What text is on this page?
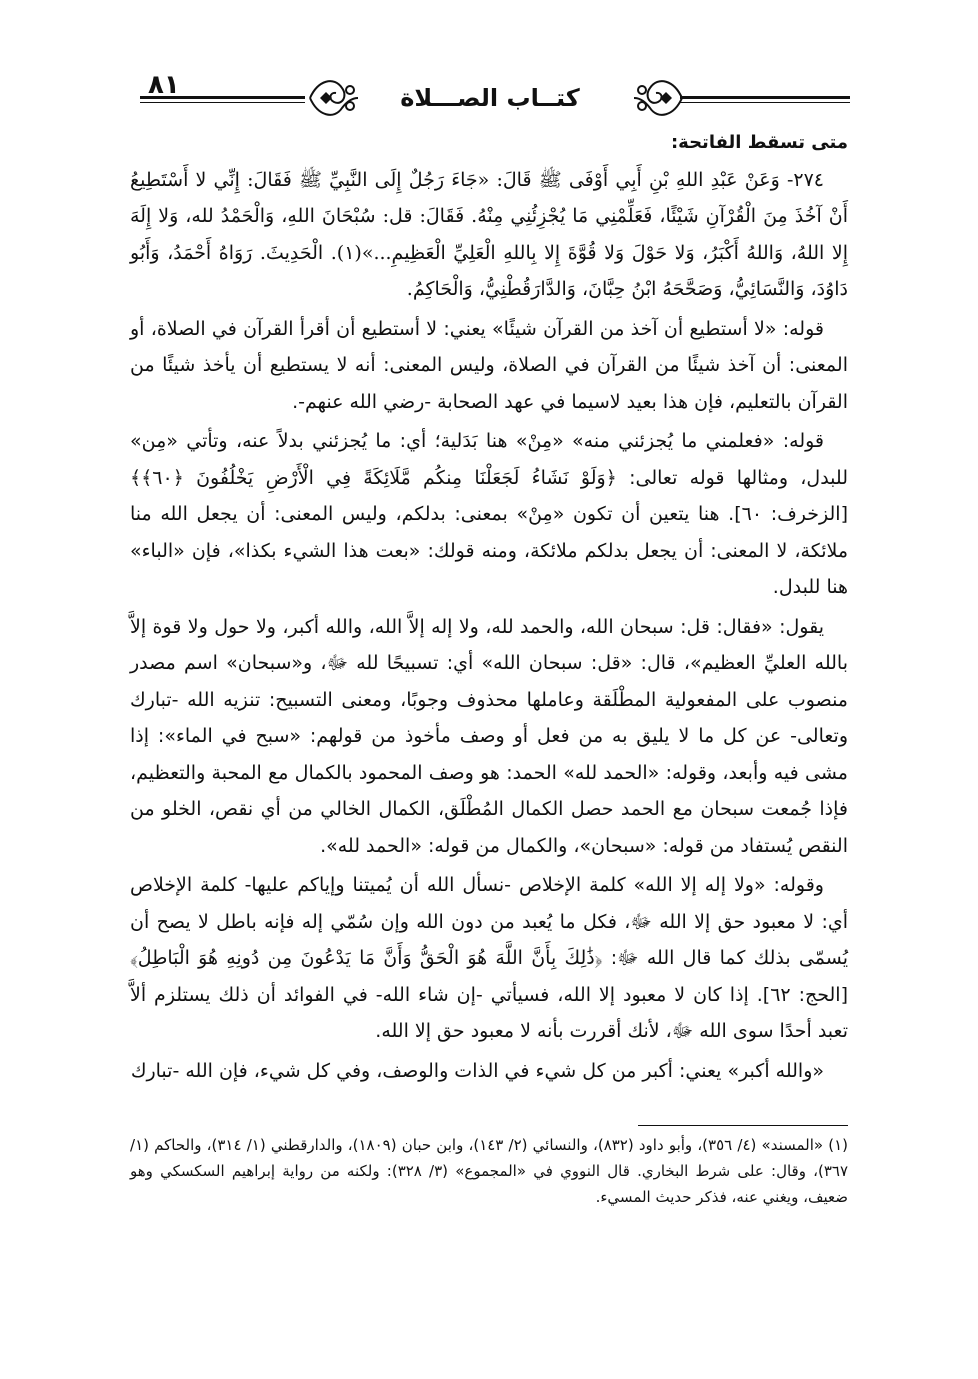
٨١	كتــاب الصـــلاة

متى تسقط الفاتحة:

٢٧٤- وَعَنْ عَبْدِ اللهِ بْنِ أَبِي أَوْفَى ﷺ قَالَ: «جَاءَ رَجُلٌ إِلَى النَّبِيِّ ﷺ فَقَالَ: إِنِّي لا أَسْتَطِيعُ أَنْ آخُذَ مِنَ الْقُرْآنِ شَيْئًا، فَعَلِّمْنِي مَا يُجْزِئُنِي مِنْهُ. فَقَالَ: قل: سُبْحَانَ اللهِ، وَالْحَمْدُ لله، وَلا إِلَهَ إِلا اللهُ، وَاللهُ أَكْبَرُ، وَلا حَوْلَ وَلا قُوَّةَ إِلا بِاللهِ الْعَلِيِّ الْعَظِيمِ...»(١). الْحَدِيثَ. رَوَاهُ أَحْمَدُ، وَأَبُو دَاوُدَ، وَالنَّسَائِيُّ، وَصَحَّحَهُ ابْنُ حِبَّانَ، وَالدَّارَقُطْنِيُّ، وَالْحَاكِمُ.

قوله: «لا أستطيع أن آخذ من القرآن شيئًا» يعني: لا أستطيع أن أقرأ القرآن في الصلاة، أو المعنى: أن آخذ شيئًا من القرآن في الصلاة، وليس المعنى: أنه لا يستطيع أن يأخذ شيئًا من القرآن بالتعليم، فإن هذا بعيد لاسيما في عهد الصحابة -رضي الله عنهم-.

قوله: «فعلمني ما يُجزئني منه» «مِنْ» هنا بَدَلية؛ أي: ما يُجزئني بدلاً عنه، وتأتي «مِن» للبدل، ومثالها قوله تعالى: ﴿وَلَوْ نَشَاءُ لَجَعَلْنَا مِنكُم مَّلَائِكَةً فِي الْأَرْضِ يَخْلُفُونَ ﴿٦٠﴾﴾ [الزخرف: ٦٠]. هنا يتعين أن تكون «مِنْ» بمعنى: بدلكم، وليس المعنى: أن يجعل الله منا ملائكة، لا المعنى: أن يجعل بدلكم ملائكة، ومنه قولك: «بعت هذا الشيء بكذا»، فإن «الباء» هنا للبدل.

يقول: «فقال: قل: سبحان الله، والحمد لله، ولا إله إلاَّ الله، والله أكبر، ولا حول ولا قوة إلاَّ بالله العليِّ العظيم»، قال: «قل: سبحان الله» أي: تسبيحًا لله ﷻ، و«سبحان» اسم مصدر منصوب على المفعولية المطْلَقة وعاملها محذوف وجوبًا، ومعنى التسبيح: تنزيه الله -تبارك وتعالى- عن كل ما لا يليق به من فعل أو وصف مأخوذ من قولهم: «سبح في الماء»: إذا مشى فيه وأبعد، وقوله: «الحمد لله» الحمد: هو وصف المحمود بالكمال مع المحبة والتعظيم، فإذا جُمعت سبحان مع الحمد حصل الكمال المُطْلَق، الكمال الخالي من أي نقص، الخلو من النقص يُستفاد من قوله: «سبحان»، والكمال من قوله: «الحمد لله».

وقوله: «ولا إله إلا الله» كلمة الإخلاص -نسأل الله أن يُميتنا وإياكم عليها- كلمة الإخلاص أي: لا معبود حق إلا الله ﷻ، فكل ما يُعبد من دون الله وإن سُمّي إله فإنه باطل لا يصح أن يُسمّى بذلك كما قال الله ﷻ: ﴿ذَٰلِكَ بِأَنَّ اللَّهَ هُوَ الْحَقُّ وَأَنَّ مَا يَدْعُونَ مِن دُونِهِ هُوَ الْبَاطِلُ﴾ [الحج: ٦٢]. إذا كان لا معبود إلا الله، فسيأتي -إن شاء الله- في الفوائد أن ذلك يستلزم ألاَّ تعبد أحدًا سوى الله ﷻ، لأنك أقررت بأنه لا معبود حق إلا الله.

«والله أكبر» يعني: أكبر من كل شيء في الذات والوصف، وفي كل شيء، فإن الله -تبارك

(١) «المسند» (٤/ ٣٥٦)، وأبو داود (٨٣٢)، والنسائي (٢/ ١٤٣)، وابن حبان (١٨٠٩)، والدارقطني (١/ ٣١٤)، والحاكم (١/ ٣٦٧)، وقال: على شرط البخاري. قال النووي في «المجموع» (٣/ ٣٢٨): ولكنه من رواية إبراهيم السكسكي وهو ضعيف، ويغني عنه، فذكر حديث المسيء.
